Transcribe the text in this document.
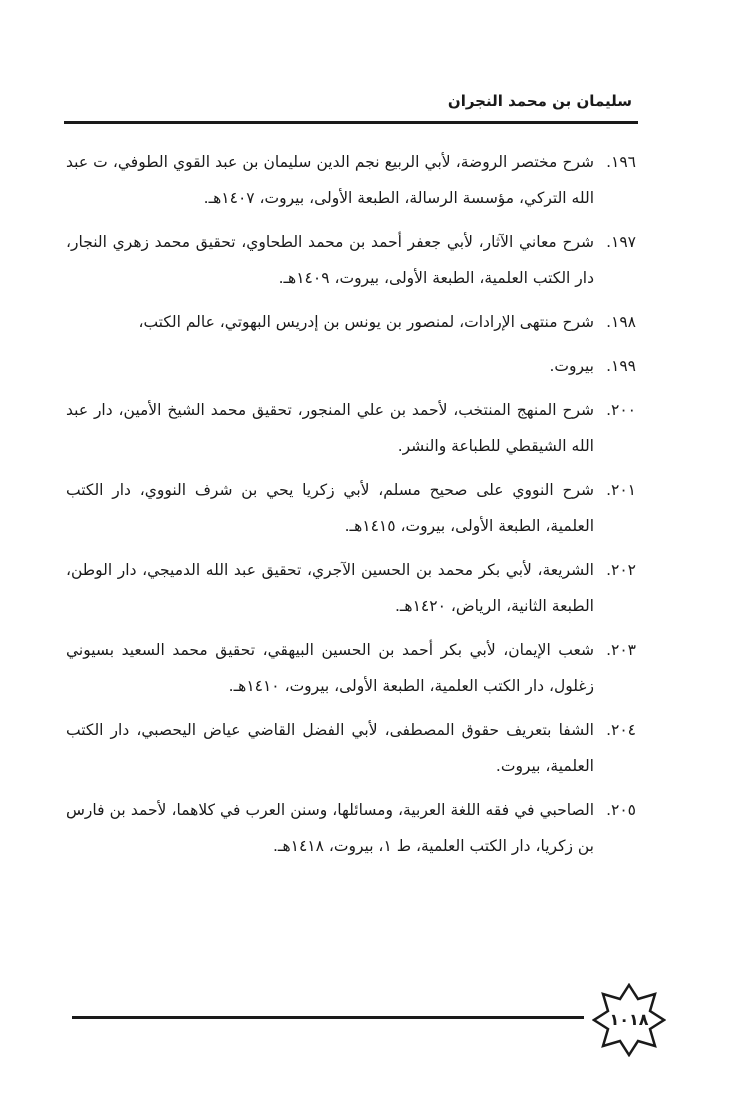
سليمان بن محمد النجران
١٩٦.شرح مختصر الروضة، لأبي الربيع نجم الدين سليمان بن عبد القوي الطوفي، ت عبد الله التركي، مؤسسة الرسالة، الطبعة الأولى، بيروت، ١٤٠٧هـ.
١٩٧.شرح معاني الآثار، لأبي جعفر أحمد بن محمد الطحاوي، تحقيق محمد زهري النجار، دار الكتب العلمية، الطبعة الأولى، بيروت، ١٤٠٩هـ.
١٩٨.شرح منتهى الإرادات، لمنصور بن يونس بن إدريس البهوتي، عالم الكتب،
١٩٩.بيروت.
٢٠٠.شرح المنهج المنتخب، لأحمد بن علي المنجور، تحقيق محمد الشيخ الأمين، دار عبد الله الشيقطي للطباعة والنشر.
٢٠١.شرح النووي على صحيح مسلم، لأبي زكريا يحي بن شرف النووي، دار الكتب العلمية، الطبعة الأولى، بيروت، ١٤١٥هـ.
٢٠٢.الشريعة، لأبي بكر محمد بن الحسين الآجري، تحقيق عبد الله الدميجي، دار الوطن، الطبعة الثانية، الرياض، ١٤٢٠هـ.
٢٠٣.شعب الإيمان، لأبي بكر أحمد بن الحسين البيهقي، تحقيق محمد السعيد بسيوني زغلول، دار الكتب العلمية، الطبعة الأولى، بيروت، ١٤١٠هـ.
٢٠٤.الشفا بتعريف حقوق المصطفى، لأبي الفضل القاضي عياض اليحصبي، دار الكتب العلمية، بيروت.
٢٠٥.الصاحبي في فقه اللغة العربية، ومسائلها، وسنن العرب في كلاهما، لأحمد بن فارس بن زكريا، دار الكتب العلمية، ط ١، بيروت، ١٤١٨هـ.
١٠١٨
